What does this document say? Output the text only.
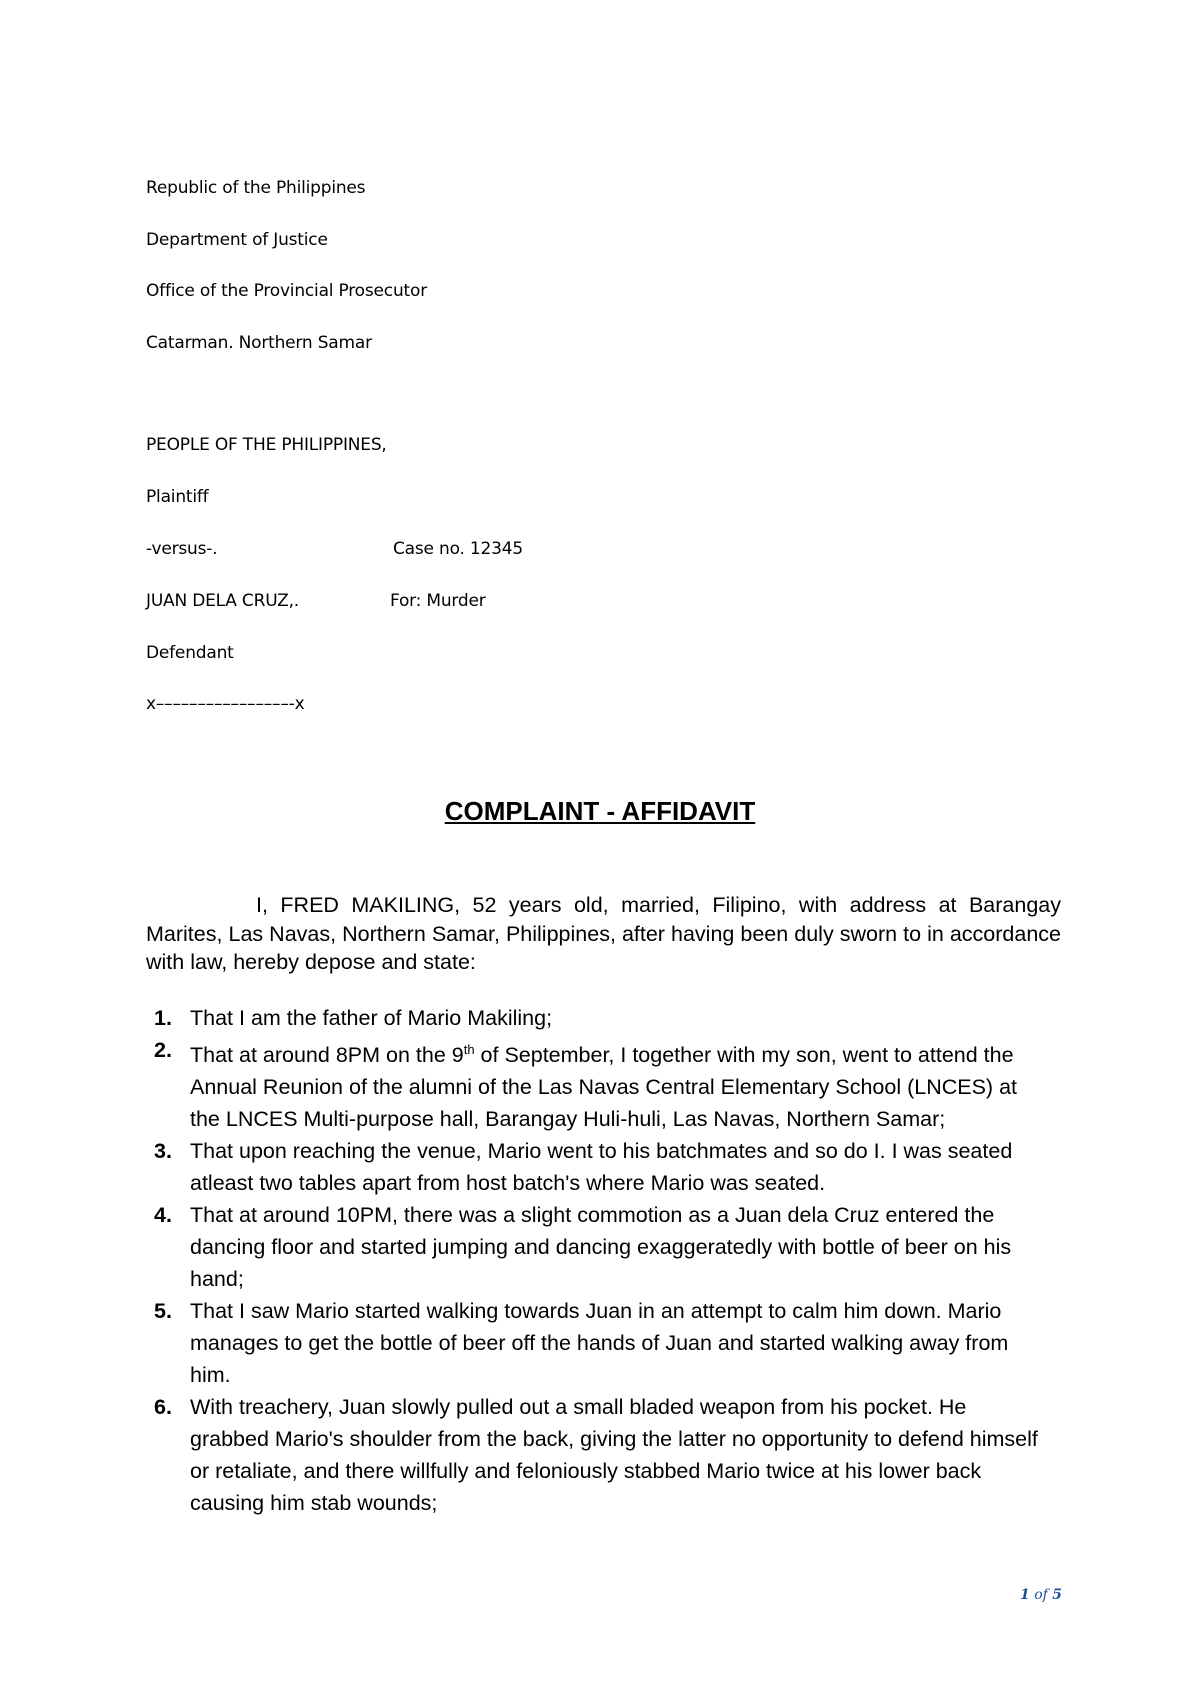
Republic of the Philippines
Department of Justice
Office of the Provincial Prosecutor
Catarman. Northern Samar
PEOPLE OF THE PHILIPPINES,
Plaintiff
-versus-.	Case no. 12345
JUAN DELA CRUZ,.	For: Murder
Defendant
x––––––––––––––––-x
COMPLAINT - AFFIDAVIT
I, FRED MAKILING, 52 years old, married, Filipino, with address at Barangay Marites, Las Navas, Northern Samar, Philippines, after having been duly sworn to in accordance with law, hereby depose and state:
1. That I am the father of Mario Makiling;
2. That at around 8PM on the 9th of September, I together with my son, went to attend the Annual Reunion of the alumni of the Las Navas Central Elementary School (LNCES) at the LNCES Multi-purpose hall, Barangay Huli-huli, Las Navas, Northern Samar;
3. That upon reaching the venue, Mario went to his batchmates and so do I. I was seated atleast two tables apart from host batch's where Mario was seated.
4. That at around 10PM, there was a slight commotion as a Juan dela Cruz entered the dancing floor and started jumping and dancing exaggeratedly with bottle of beer on his hand;
5. That I saw Mario started walking towards Juan in an attempt to calm him down. Mario manages to get the bottle of beer off the hands of Juan and started walking away from him.
6. With treachery, Juan slowly pulled out a small bladed weapon from his pocket. He grabbed Mario's shoulder from the back, giving the latter no opportunity to defend himself or retaliate, and there willfully and feloniously stabbed Mario twice at his lower back causing him stab wounds;
1 of 5
